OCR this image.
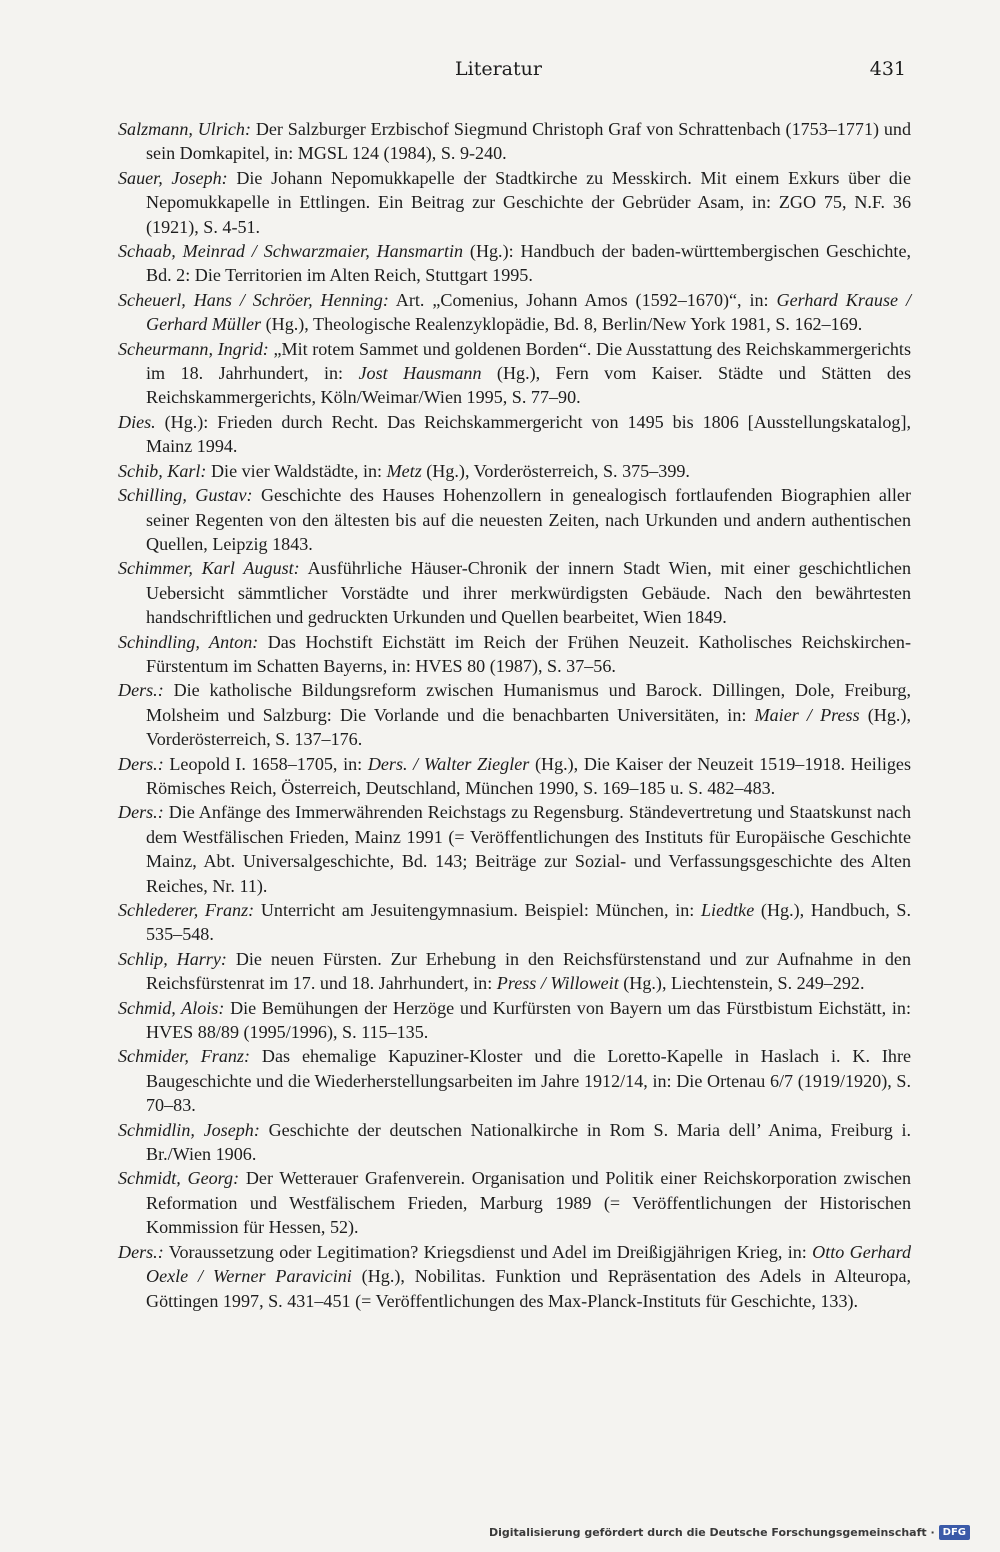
Literatur	431

Salzmann, Ulrich: Der Salzburger Erzbischof Siegmund Christoph Graf von Schrattenbach (1753–1771) und sein Domkapitel, in: MGSL 124 (1984), S. 9-240.

Sauer, Joseph: Die Johann Nepomukkapelle der Stadtkirche zu Messkirch. Mit einem Exkurs über die Nepomukkapelle in Ettlingen. Ein Beitrag zur Geschichte der Gebrüder Asam, in: ZGO 75, N.F. 36 (1921), S. 4-51.

Schaab, Meinrad / Schwarzmaier, Hansmartin (Hg.): Handbuch der baden-württembergischen Geschichte, Bd. 2: Die Territorien im Alten Reich, Stuttgart 1995.

Scheuerl, Hans / Schröer, Henning: Art. „Comenius, Johann Amos (1592–1670)“, in: Gerhard Krause / Gerhard Müller (Hg.), Theologische Realenzyklopädie, Bd. 8, Berlin/New York 1981, S. 162–169.

Scheurmann, Ingrid: „Mit rotem Sammet und goldenen Borden“. Die Ausstattung des Reichskammergerichts im 18. Jahrhundert, in: Jost Hausmann (Hg.), Fern vom Kaiser. Städte und Stätten des Reichskammergerichts, Köln/Weimar/Wien 1995, S. 77–90.

Dies. (Hg.): Frieden durch Recht. Das Reichskammergericht von 1495 bis 1806 [Ausstellungskatalog], Mainz 1994.

Schib, Karl: Die vier Waldstädte, in: Metz (Hg.), Vorderösterreich, S. 375–399.

Schilling, Gustav: Geschichte des Hauses Hohenzollern in genealogisch fortlaufenden Biographien aller seiner Regenten von den ältesten bis auf die neuesten Zeiten, nach Urkunden und andern authentischen Quellen, Leipzig 1843.

Schimmer, Karl August: Ausführliche Häuser-Chronik der innern Stadt Wien, mit einer geschichtlichen Uebersicht sämmtlicher Vorstädte und ihrer merkwürdigsten Gebäude. Nach den bewährtesten handschriftlichen und gedruckten Urkunden und Quellen bearbeitet, Wien 1849.

Schindling, Anton: Das Hochstift Eichstätt im Reich der Frühen Neuzeit. Katholisches Reichskirchen-Fürstentum im Schatten Bayerns, in: HVES 80 (1987), S. 37–56.

Ders.: Die katholische Bildungsreform zwischen Humanismus und Barock. Dillingen, Dole, Freiburg, Molsheim und Salzburg: Die Vorlande und die benachbarten Universitäten, in: Maier / Press (Hg.), Vorderösterreich, S. 137–176.

Ders.: Leopold I. 1658–1705, in: Ders. / Walter Ziegler (Hg.), Die Kaiser der Neuzeit 1519–1918. Heiliges Römisches Reich, Österreich, Deutschland, München 1990, S. 169–185 u. S. 482–483.

Ders.: Die Anfänge des Immerwährenden Reichstags zu Regensburg. Ständevertretung und Staatskunst nach dem Westfälischen Frieden, Mainz 1991 (= Veröffentlichungen des Instituts für Europäische Geschichte Mainz, Abt. Universalgeschichte, Bd. 143; Beiträge zur Sozial- und Verfassungsgeschichte des Alten Reiches, Nr. 11).

Schlederer, Franz: Unterricht am Jesuitengymnasium. Beispiel: München, in: Liedtke (Hg.), Handbuch, S. 535–548.

Schlip, Harry: Die neuen Fürsten. Zur Erhebung in den Reichsfürstenstand und zur Aufnahme in den Reichsfürstenrat im 17. und 18. Jahrhundert, in: Press / Willoweit (Hg.), Liechtenstein, S. 249–292.

Schmid, Alois: Die Bemühungen der Herzöge und Kurfürsten von Bayern um das Fürstbistum Eichstätt, in: HVES 88/89 (1995/1996), S. 115–135.

Schmider, Franz: Das ehemalige Kapuziner-Kloster und die Loretto-Kapelle in Haslach i. K. Ihre Baugeschichte und die Wiederherstellungsarbeiten im Jahre 1912/14, in: Die Ortenau 6/7 (1919/1920), S. 70–83.

Schmidlin, Joseph: Geschichte der deutschen Nationalkirche in Rom S. Maria dell’ Anima, Freiburg i. Br./Wien 1906.

Schmidt, Georg: Der Wetterauer Grafenverein. Organisation und Politik einer Reichskorporation zwischen Reformation und Westfälischem Frieden, Marburg 1989 (= Veröffentlichungen der Historischen Kommission für Hessen, 52).

Ders.: Voraussetzung oder Legitimation? Kriegsdienst und Adel im Dreißigjährigen Krieg, in: Otto Gerhard Oexle / Werner Paravicini (Hg.), Nobilitas. Funktion und Repräsentation des Adels in Alteuropa, Göttingen 1997, S. 431–451 (= Veröffentlichungen des Max-Planck-Instituts für Geschichte, 133).

Digitalisierung gefördert durch die Deutsche Forschungsgemeinschaft · DFG
